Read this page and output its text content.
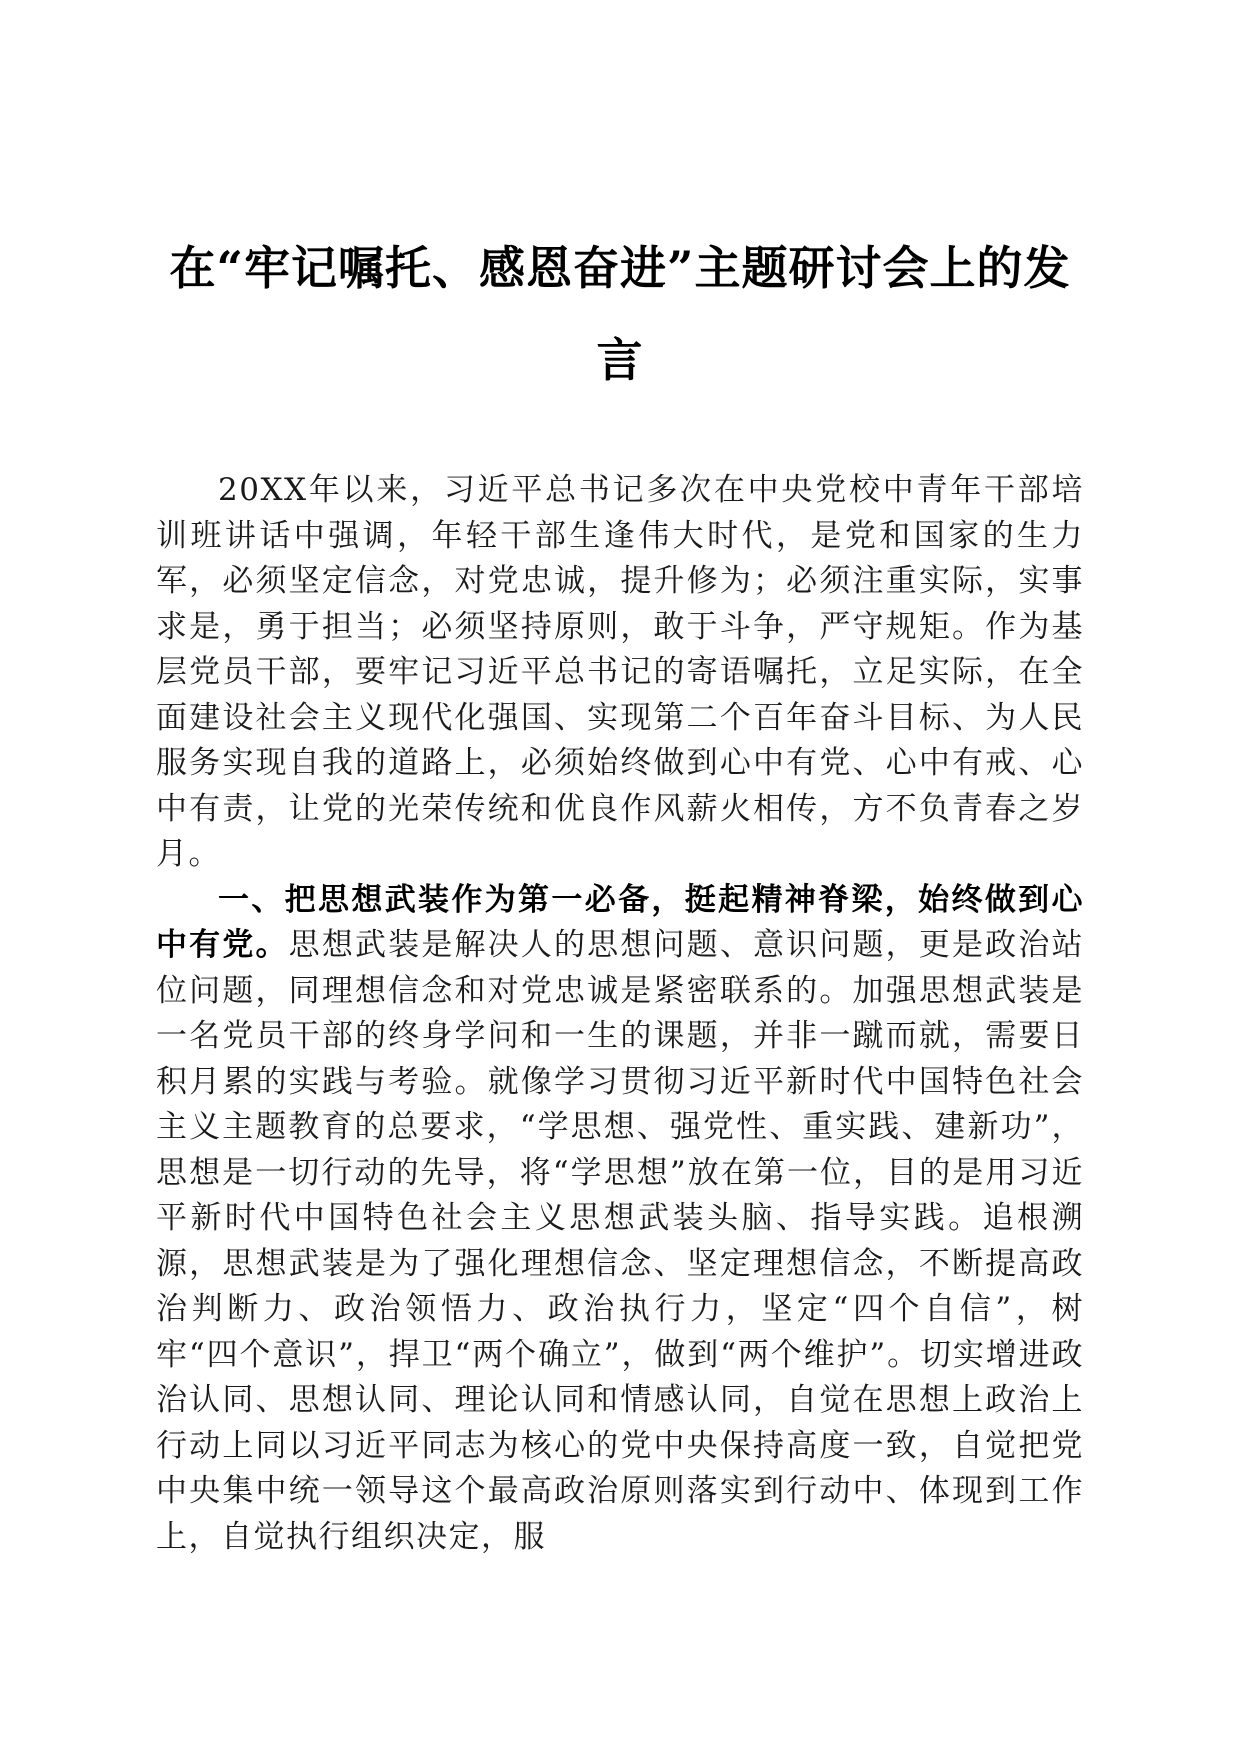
在“牢记嘱托、感恩奋进”主题研讨会上的发言

20XX年以来，习近平总书记多次在中央党校中青年干部培训班讲话中强调，年轻干部生逢伟大时代，是党和国家的生力军，必须坚定信念，对党忠诚，提升修为；必须注重实际，实事求是，勇于担当；必须坚持原则，敢于斗争，严守规矩。作为基层党员干部，要牢记习近平总书记的寄语嘱托，立足实际，在全面建设社会主义现代化强国、实现第二个百年奋斗目标、为人民服务实现自我的道路上，必须始终做到心中有党、心中有戒、心中有责，让党的光荣传统和优良作风薪火相传，方不负青春之岁月。

一、把思想武装作为第一必备，挺起精神脊梁，始终做到心中有党。思想武装是解决人的思想问题、意识问题，更是政治站位问题，同理想信念和对党忠诚是紧密联系的。加强思想武装是一名党员干部的终身学问和一生的课题，并非一蹴而就，需要日积月累的实践与考验。就像学习贯彻习近平新时代中国特色社会主义主题教育的总要求，“学思想、强党性、重实践、建新功”，思想是一切行动的先导，将“学思想”放在第一位，目的是用习近平新时代中国特色社会主义思想武装头脑、指导实践。追根溯源，思想武装是为了强化理想信念、坚定理想信念，不断提高政治判断力、政治领悟力、政治执行力，坚定“四个自信”，树牢“四个意识”，捍卫“两个确立”，做到“两个维护”。切实增进政治认同、思想认同、理论认同和情感认同，自觉在思想上政治上行动上同以习近平同志为核心的党中央保持高度一致，自觉把党中央集中统一领导这个最高政治原则落实到行动中、体现到工作上，自觉执行组织决定，服
